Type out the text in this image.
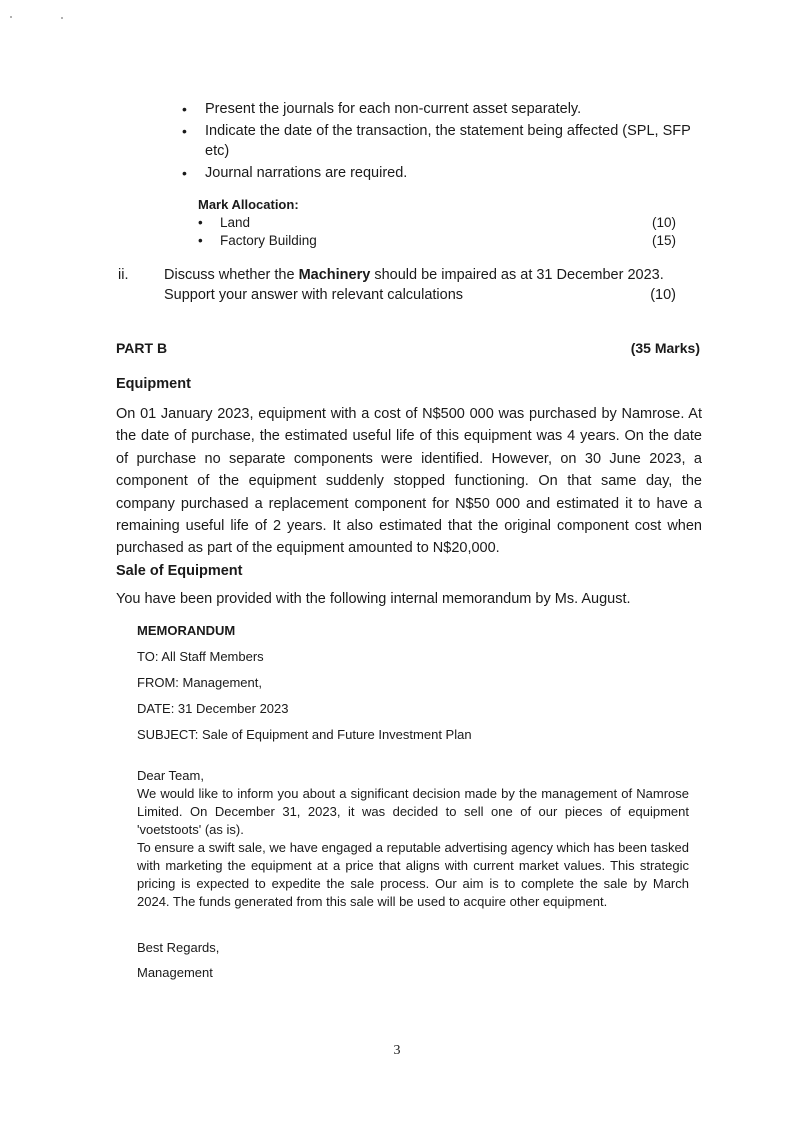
• Present the journals for each non-current asset separately.
• Indicate the date of the transaction, the statement being affected (SPL, SFP etc)
• Journal narrations are required.
Mark Allocation:
• Land	(10)
• Factory Building	(15)
ii. Discuss whether the Machinery should be impaired as at 31 December 2023.
Support your answer with relevant calculations	(10)
PART B	(35 Marks)
Equipment

On 01 January 2023, equipment with a cost of N$500 000 was purchased by Namrose. At the date of purchase, the estimated useful life of this equipment was 4 years. On the date of purchase no separate components were identified. However, on 30 June 2023, a component of the equipment suddenly stopped functioning. On that same day, the company purchased a replacement component for N$50 000 and estimated it to have a remaining useful life of 2 years. It also estimated that the original component cost when purchased as part of the equipment amounted to N$20,000.

Sale of Equipment
You have been provided with the following internal memorandum by Ms. August.
MEMORANDUM
TO: All Staff Members
FROM: Management,
DATE: 31 December 2023
SUBJECT: Sale of Equipment and Future Investment Plan

Dear Team,

We would like to inform you about a significant decision made by the management of Namrose Limited. On December 31, 2023, it was decided to sell one of our pieces of equipment 'voetstoots' (as is).

To ensure a swift sale, we have engaged a reputable advertising agency which has been tasked with marketing the equipment at a price that aligns with current market values. This strategic pricing is expected to expedite the sale process. Our aim is to complete the sale by March 2024. The funds generated from this sale will be used to acquire other equipment.

Best Regards,
Management
3
